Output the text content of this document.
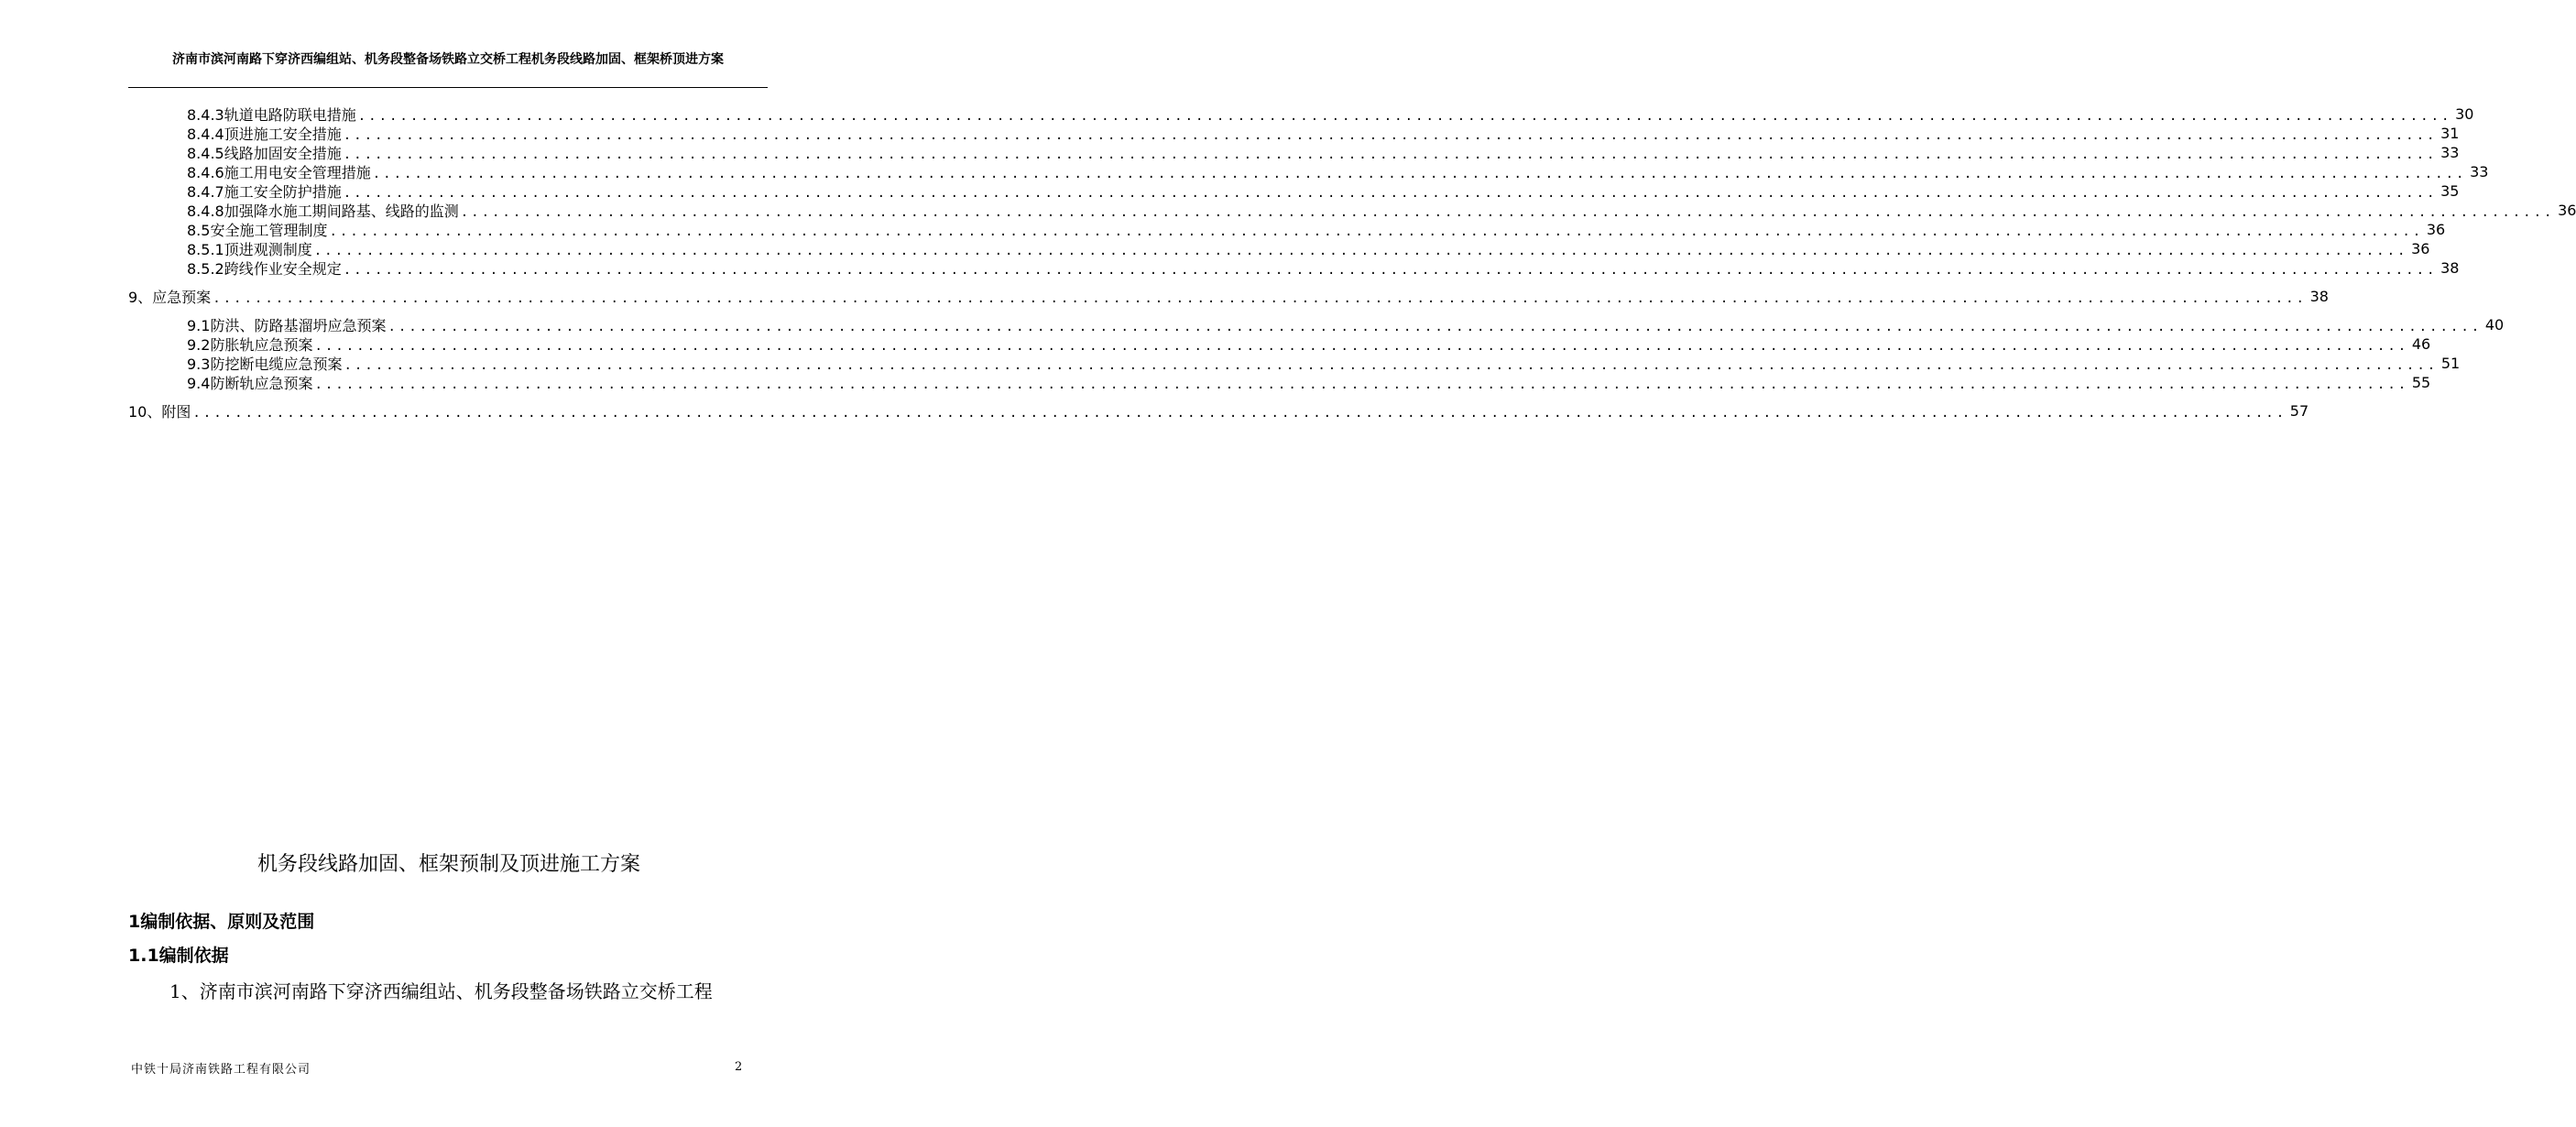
济南市滨河南路下穿济西编组站、机务段整备场铁路立交桥工程机务段线路加固、框架桥顶进方案
8.4.3轨道电路防联电措施 ........................................................................................................................................................................................................ 30
8.4.4顶进施工安全措施 ........................................................................................................................................................................................................ 31
8.4.5线路加固安全措施 ........................................................................................................................................................................................................ 33
8.4.6施工用电安全管理措施 ........................................................................................................................................................................................................ 33
8.4.7施工安全防护措施 ........................................................................................................................................................................................................ 35
8.4.8加强降水施工期间路基、线路的监测 ........................................................................................................................................................................................................ 36
8.5安全施工管理制度 ........................................................................................................................................................................................................ 36
8.5.1顶进观测制度 ........................................................................................................................................................................................................ 36
8.5.2跨线作业安全规定 ........................................................................................................................................................................................................ 38
9、应急预案 ........................................................................................................................................................................................................ 38
9.1防洪、防路基溜坍应急预案 ........................................................................................................................................................................................................ 40
9.2防胀轨应急预案 ........................................................................................................................................................................................................ 46
9.3防挖断电缆应急预案 ........................................................................................................................................................................................................ 51
9.4防断轨应急预案 ........................................................................................................................................................................................................ 55
10、附图 ........................................................................................................................................................................................................ 57
机务段线路加固、框架预制及顶进施工方案
1编制依据、原则及范围
1.1编制依据
1、济南市滨河南路下穿济西编组站、机务段整备场铁路立交桥工程
中铁十局济南铁路工程有限公司	2
